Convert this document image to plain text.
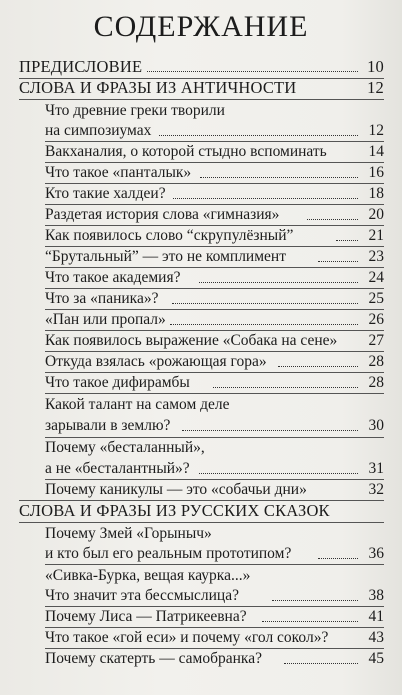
СОДЕРЖАНИЕ
ПРЕДИСЛОВИЕ	10
СЛОВА И ФРАЗЫ ИЗ АНТИЧНОСТИ	12
Что древние греки творили
на симпозиумах	12
Вакханалия, о которой стыдно вспоминать	14
Что такое «панталык»	16
Кто такие халдеи?	18
Раздетая история слова «гимназия»	20
Как появилось слово “скрупулёзный”	21
“Брутальный” — это не комплимент	23
Что такое академия?	24
Что за «паника»?	25
«Пан или пропал»	26
Как появилось выражение «Собака на сене» 27
Откуда взялась «рожающая гора»	28
Что такое дифирамбы	28
Какой талант на самом деле
зарывали в землю?	30
Почему «бесталанный»,
а не «бесталантный»?	31
Почему каникулы — это «собачьи дни»	32
СЛОВА И ФРАЗЫ ИЗ РУССКИХ СКАЗОК
Почему Змей «Горыныч»
и кто был его реальным прототипом?	36
«Сивка-Бурка, вещая каурка...»
Что значит эта бессмыслица?	38
Почему Лиса — Патрикеевна?	41
Что такое «гой еси» и почему «гол сокол»?	43
Почему скатерть — самобранка?	45
